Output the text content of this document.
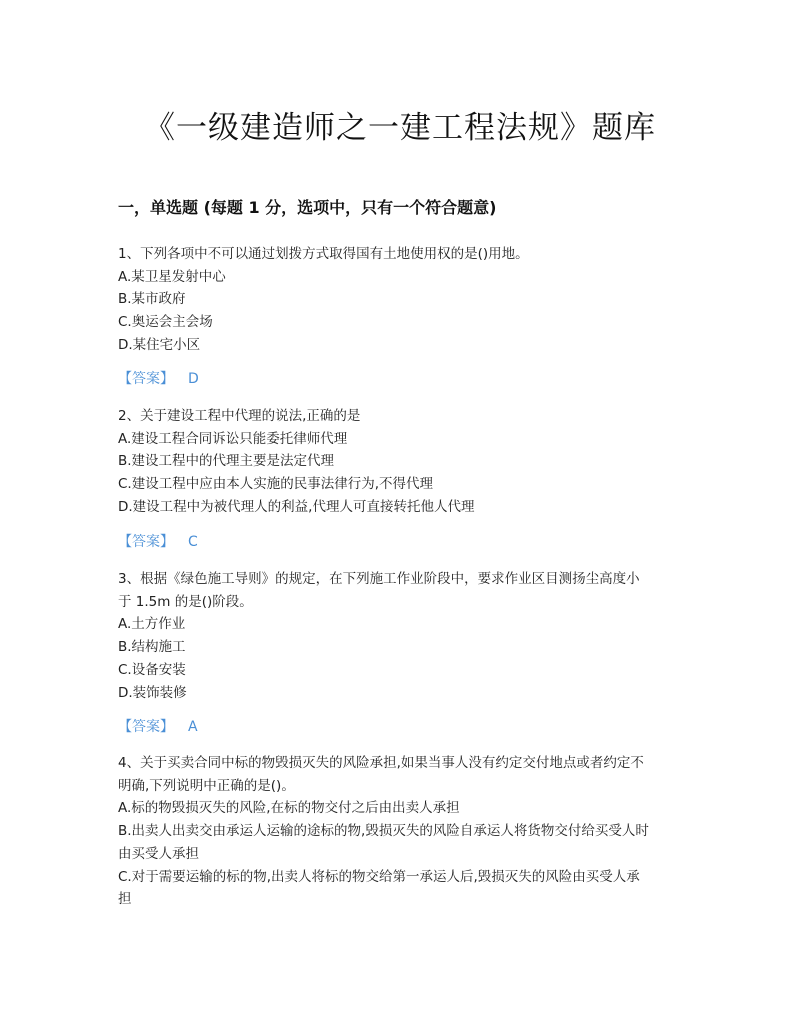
《一级建造师之一建工程法规》题库
一，单选题 (每题 1 分，选项中，只有一个符合题意)
1、下列各项中不可以通过划拨方式取得国有土地使用权的是()用地。
A.某卫星发射中心
B.某市政府
C.奥运会主会场
D.某住宅小区
【答案】 D
2、关于建设工程中代理的说法,正确的是
A.建设工程合同诉讼只能委托律师代理
B.建设工程中的代理主要是法定代理
C.建设工程中应由本人实施的民事法律行为,不得代理
D.建设工程中为被代理人的利益,代理人可直接转托他人代理
【答案】 C
3、根据《绿色施工导则》的规定，在下列施工作业阶段中，要求作业区目测扬尘高度小
于 1.5m 的是()阶段。
A.土方作业
B.结构施工
C.设备安装
D.装饰装修
【答案】 A
4、关于买卖合同中标的物毁损灭失的风险承担,如果当事人没有约定交付地点或者约定不
明确,下列说明中正确的是()。
A.标的物毁损灭失的风险,在标的物交付之后由出卖人承担
B.出卖人出卖交由承运人运输的途标的物,毁损灭失的风险自承运人将货物交付给买受人时
由买受人承担
C.对于需要运输的标的物,出卖人将标的物交给第一承运人后,毁损灭失的风险由买受人承
担
